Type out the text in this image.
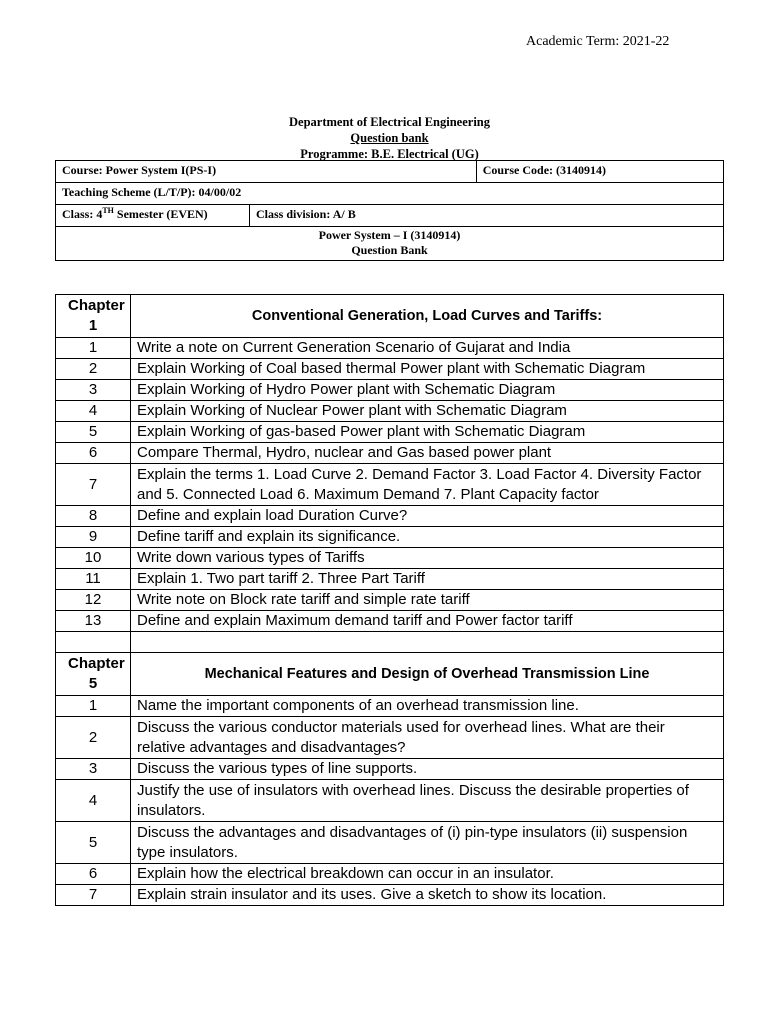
Academic Term: 2021-22
Department of Electrical Engineering
Question bank
Programme: B.E. Electrical (UG)
Course: Power System I(PS-I)		Course Code: (3140914)
Teaching Scheme (L/T/P): 04/00/02		
Class: 4TH Semester (EVEN)	Class division: A/ B	

Power System – I (3140914)
Question Bank		
Chapter 1	Conventional Generation, Load Curves and Tariffs:
1	Write a note on Current Generation Scenario of Gujarat and India
2	Explain Working of Coal based thermal Power plant with Schematic Diagram
3	Explain Working of Hydro Power plant with Schematic Diagram
4	Explain Working of Nuclear Power plant with Schematic Diagram
5	Explain Working of gas-based Power plant with Schematic Diagram
6	Compare Thermal, Hydro, nuclear and Gas based power plant
7	Explain the terms 1. Load Curve 2. Demand Factor 3. Load Factor 4. Diversity Factor and 5. Connected Load 6. Maximum Demand 7. Plant Capacity factor
8	Define and explain load Duration Curve?
9	Define tariff and explain its significance.
10	Write down various types of Tariffs
11	Explain 1. Two part tariff 2. Three Part Tariff
12	Write note on Block rate tariff and simple rate tariff
13	Define and explain Maximum demand tariff and Power factor tariff

Chapter 5	Mechanical Features and Design of Overhead Transmission Line
1	Name the important components of an overhead transmission line.
2	Discuss the various conductor materials used for overhead lines. What are their relative advantages and disadvantages?
3	Discuss the various types of line supports.
4	Justify the use of insulators with overhead lines. Discuss the desirable properties of insulators.
5	Discuss the advantages and disadvantages of (i) pin-type insulators (ii) suspension type insulators.
6	Explain how the electrical breakdown can occur in an insulator.
7	Explain strain insulator and its uses. Give a sketch to show its location.
